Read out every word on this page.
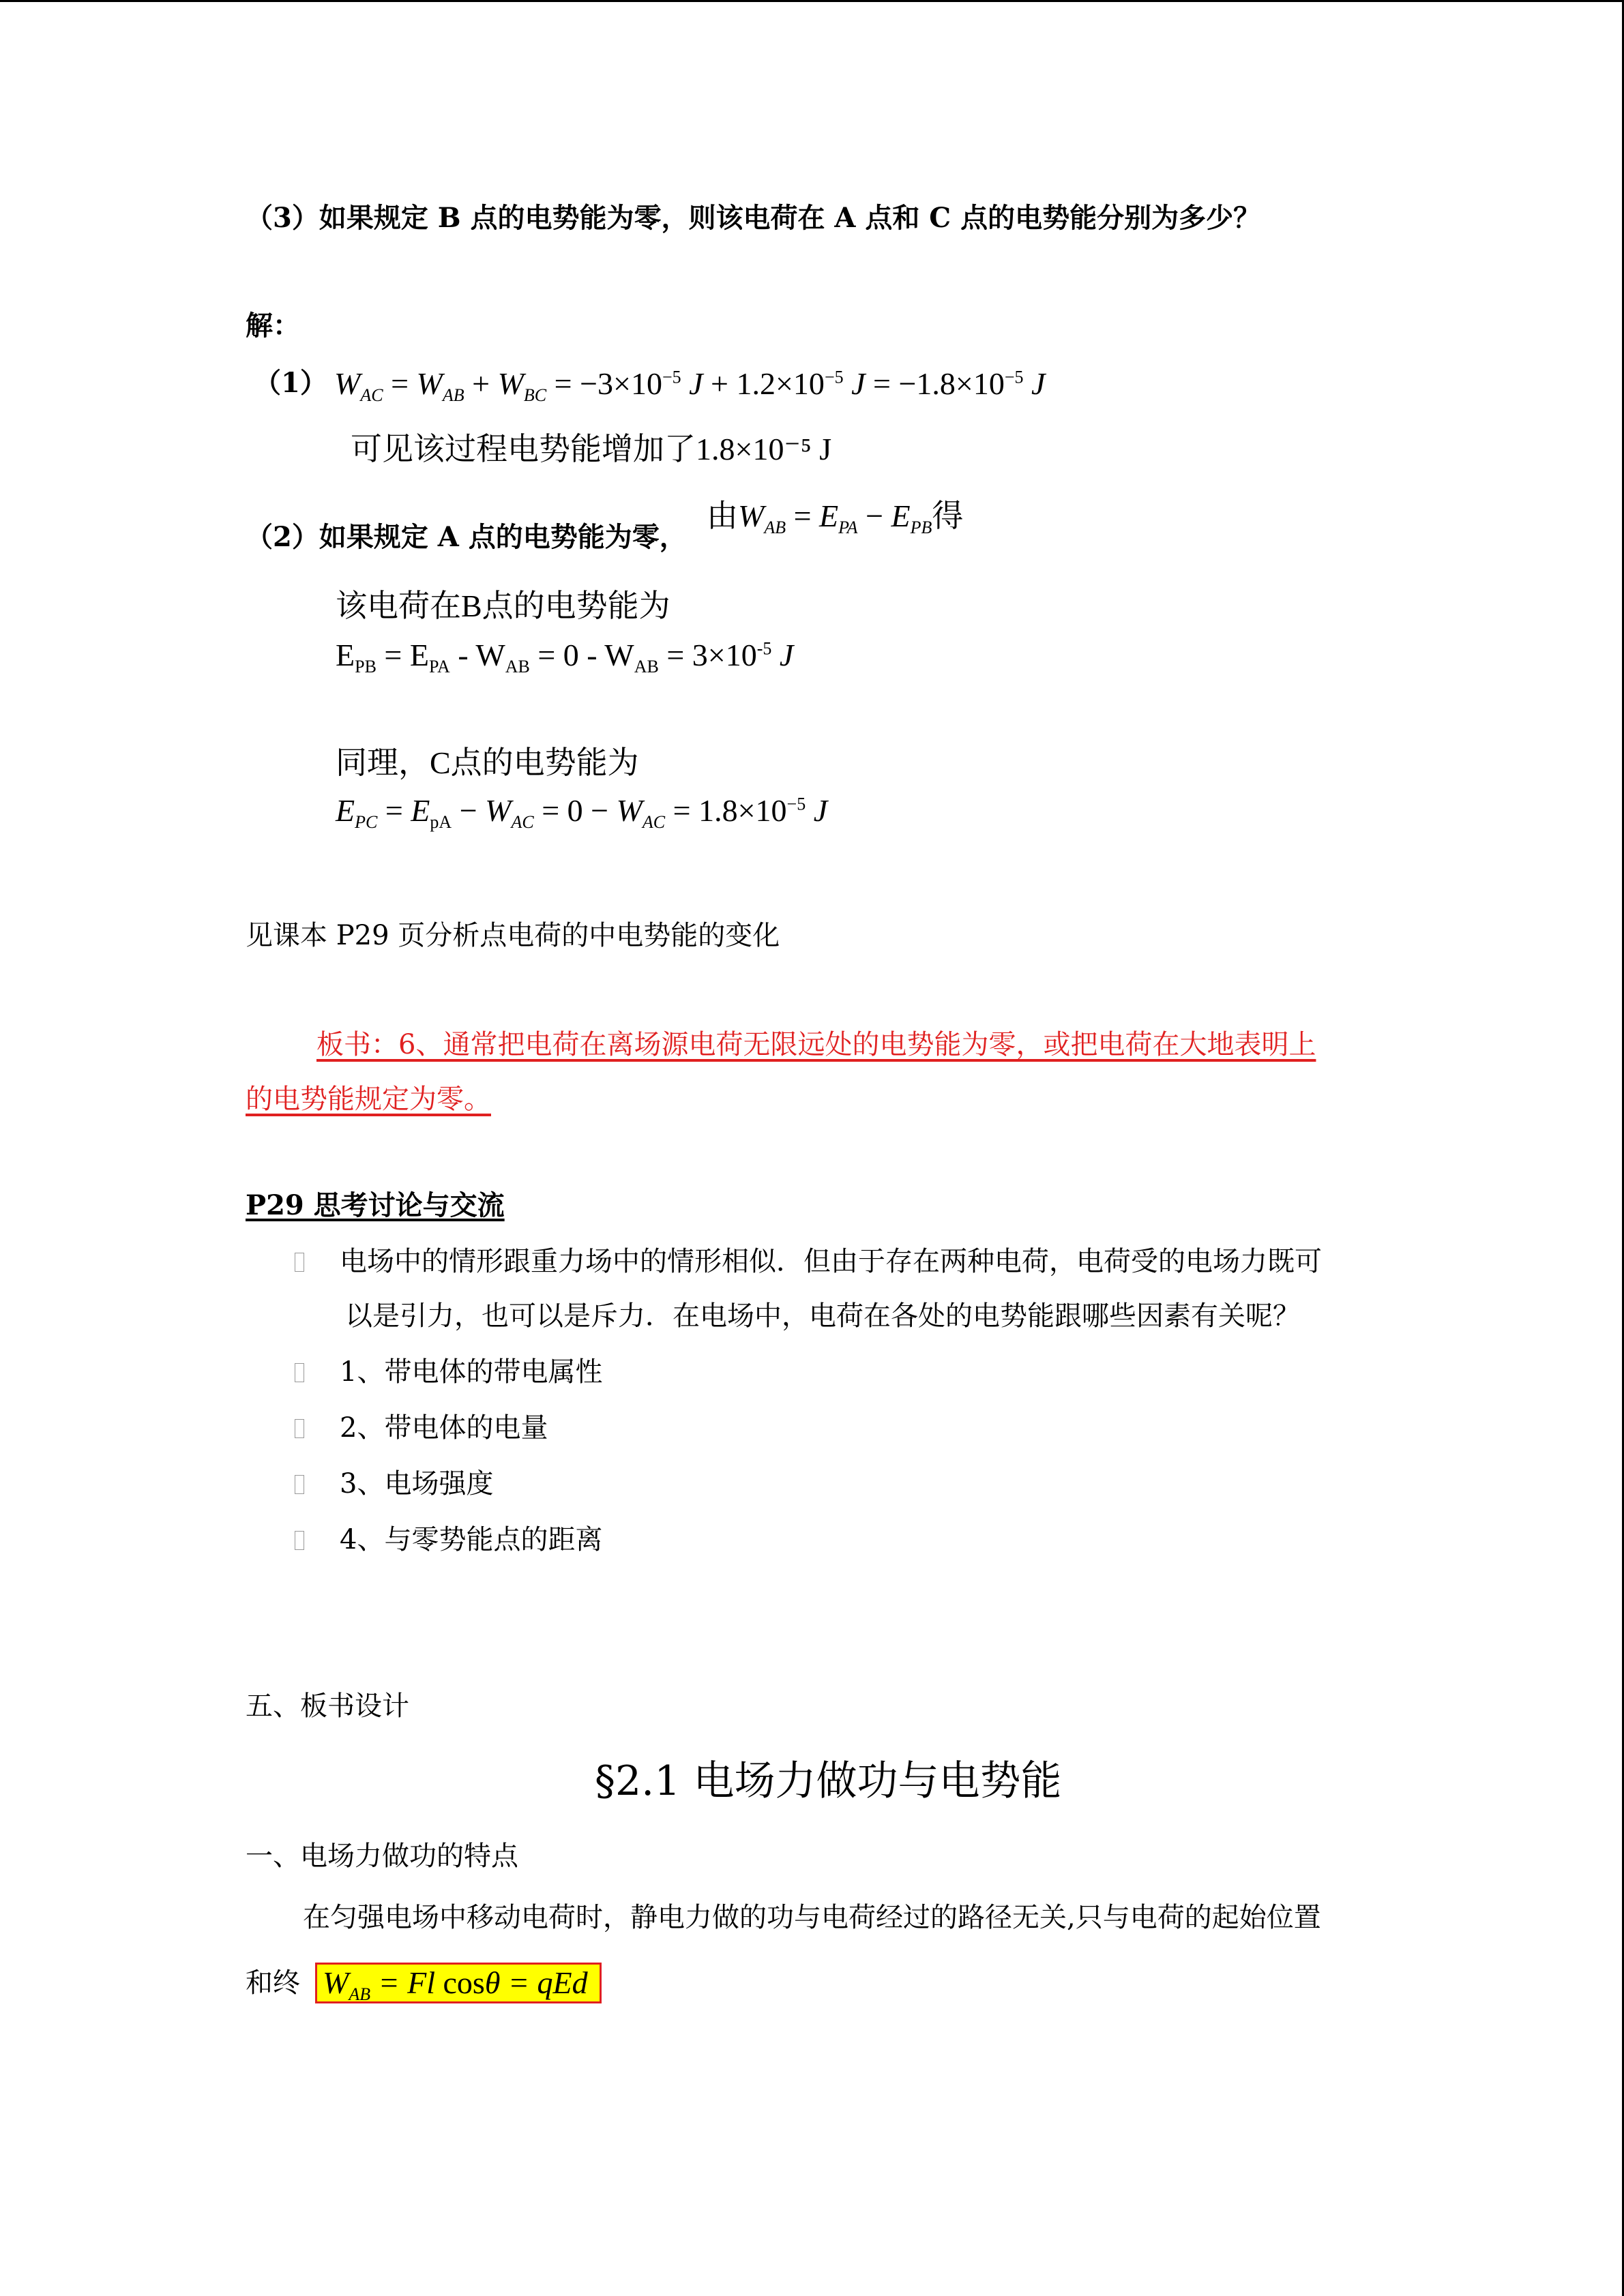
（3）如果规定 B 点的电势能为零，则该电荷在 A 点和 C 点的电势能分别为多少？
解：
（1） $W_{AC} = W_{AB} + W_{BC} = -3\times 10^{-5}$ $J + 1.2\times 10^{-5}$ $J = -1.8\times 10^{-5}$ J
可见该过程电势能增加了1.8×10⁻⁵ J
（2）如果规定 A 点的电势能为零，
由$W_{AB} = E_{PA} - E_{PB}$得
该电荷在B点的电势能为
$E_{PB} = E_{PA} - W_{AB} = 0 - W_{AB} = 3\times 10^{-5}$ J
同理，C点的电势能为
$E_{PC} = E_{pA} - W_{AC} = 0 - W_{AC} = 1.8\times 10^{-5}$ J
见课本 P29 页分析点电荷的中电势能的变化
板书：6、通常把电荷在离场源电荷无限远处的电势能为零，或把电荷在大地表明上
的电势能规定为零。
P29 思考讨论与交流
电场中的情形跟重力场中的情形相似．但由于存在两种电荷，电荷受的电场力既可
以是引力，也可以是斥力．在电场中，电荷在各处的电势能跟哪些因素有关呢？
1、带电体的带电属性
2、带电体的电量
3、电场强度
4、与零势能点的距离
五、板书设计
§2.1 电场力做功与电势能
一、电场力做功的特点
在匀强电场中移动电荷时，静电力做的功与电荷经过的路径无关,只与电荷的起始位置
和终 $W_{AB} = Fl$ cosθ = qEd
